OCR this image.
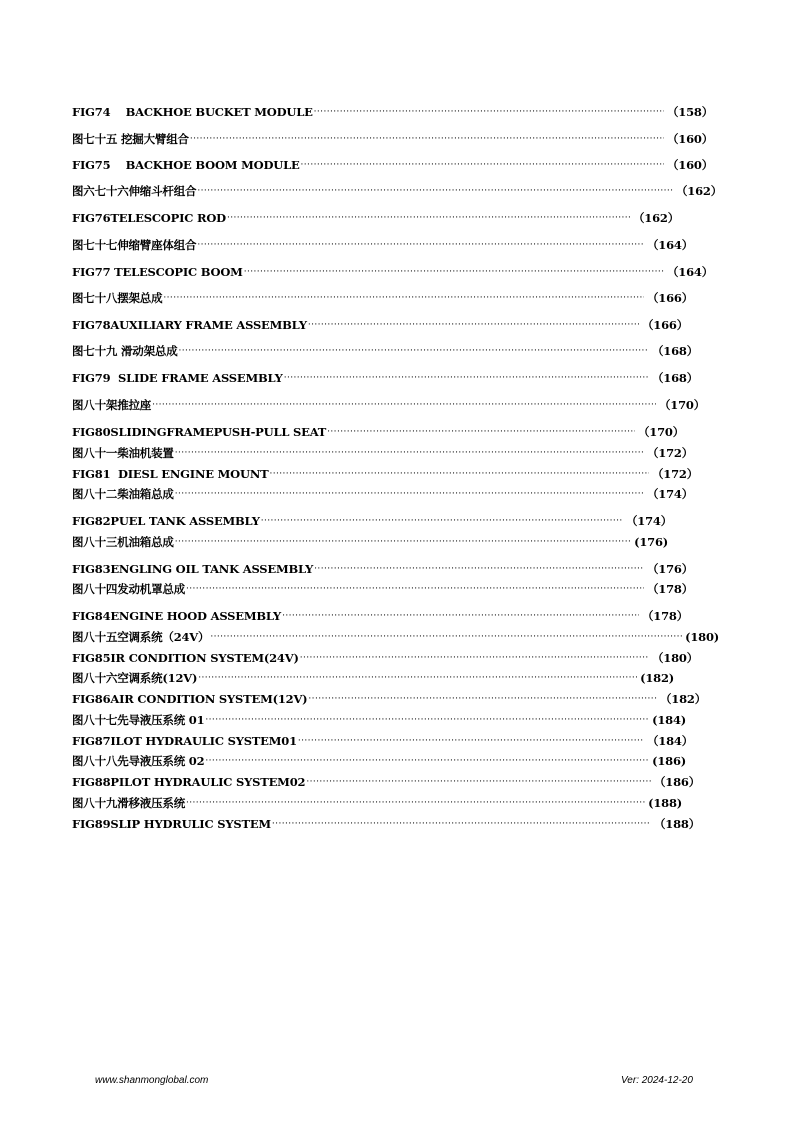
FIG74    BACKHOE BUCKET MODULE ·····	（158）
图七十五 挖掘大臂组合 ·····	（160）
FIG75    BACKHOE BOOM MODULE ·····	（160）
图六七十六伸缩斗杆组合 ·····	（162）
FIG76TELESCOPIC ROD ·····	（162）
图七十七伸缩臂座体组合 ·····	（164）
FIG77 TELESCOPIC BOOM ·····	（164）
图七十八摆架总成 ·····	（166）
FIG78AUXILIARY FRAME ASSEMBLY ·····	（166）
图七十九 滑动架总成 ·····	（168）
FIG79  SLIDE FRAME ASSEMBLY ·····	（168）
图八十架推拉座 ·····	（170）
FIG80SLIDINGFRAMEPUSH-PULL SEAT ·····	（170）
图八十一柴油机装置 ·····	（172）
FIG81  DIESL ENGINE MOUNT ·····	（172）
图八十二柴油箱总成 ·····	（174）
FIG82PUEL TANK ASSEMBLY ·····	（174）
图八十三机油箱总成 ·····	(176)
FIG83ENGLING OIL TANK ASSEMBLY ·····	（176）
图八十四发动机罩总成 ·····	（178）
FIG84ENGINE HOOD ASSEMBLY ·····	（178）
图八十五空调系统（24V） ·····	(180)
FIG85IR CONDITION SYSTEM(24V) ·····	（180）
图八十六空调系统(12V) ·····	(182)
FIG86AIR CONDITION SYSTEM(12V) ·····	（182）
图八十七先导液压系统 01 ·····	(184)
FIG87ILOT HYDRAULIC SYSTEM01 ·····	（184）
图八十八先导液压系统 02 ·····	(186)
FIG88PILOT HYDRAULIC SYSTEM02 ·····	（186）
图八十九滑移液压系统 ·····	(188)
FIG89SLIP HYDRULIC SYSTEM ·····	（188）
www.shanmonglobal.com	Ver: 2024-12-20
